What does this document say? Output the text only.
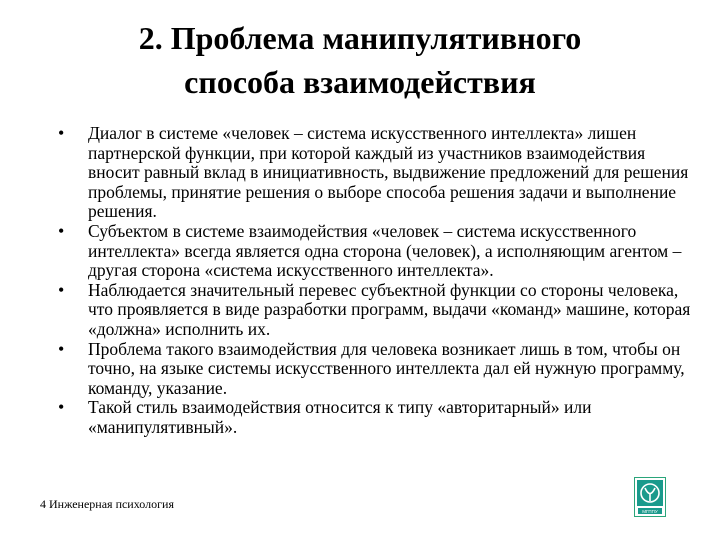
2. Проблема манипулятивного
способа взаимодействия
• Диалог в системе «человек – система искусственного интеллекта» лишен партнерской функции, при которой каждый из участников взаимодействия вносит равный вклад в инициативность, выдвижение предложений для решения проблемы, принятие решения о выборе способа решения задачи и выполнение решения.
• Субъектом в системе взаимодействия «человек – система искусственного интеллекта» всегда является одна сторона (человек), а исполняющим агентом – другая сторона «система искусственного интеллекта».
• Наблюдается значительный перевес субъектной функции со стороны человека, что проявляется в виде разработки программ, выдачи «команд» машине, которая «должна» исполнить их.
• Проблема такого взаимодействия для человека возникает лишь в том, чтобы он точно, на языке системы искусственного интеллекта дал ей нужную программу, команду, указание.
• Такой стиль взаимодействия относится к типу «авторитарный» или «манипулятивный».
4 Инженерная психология
МГППУ
